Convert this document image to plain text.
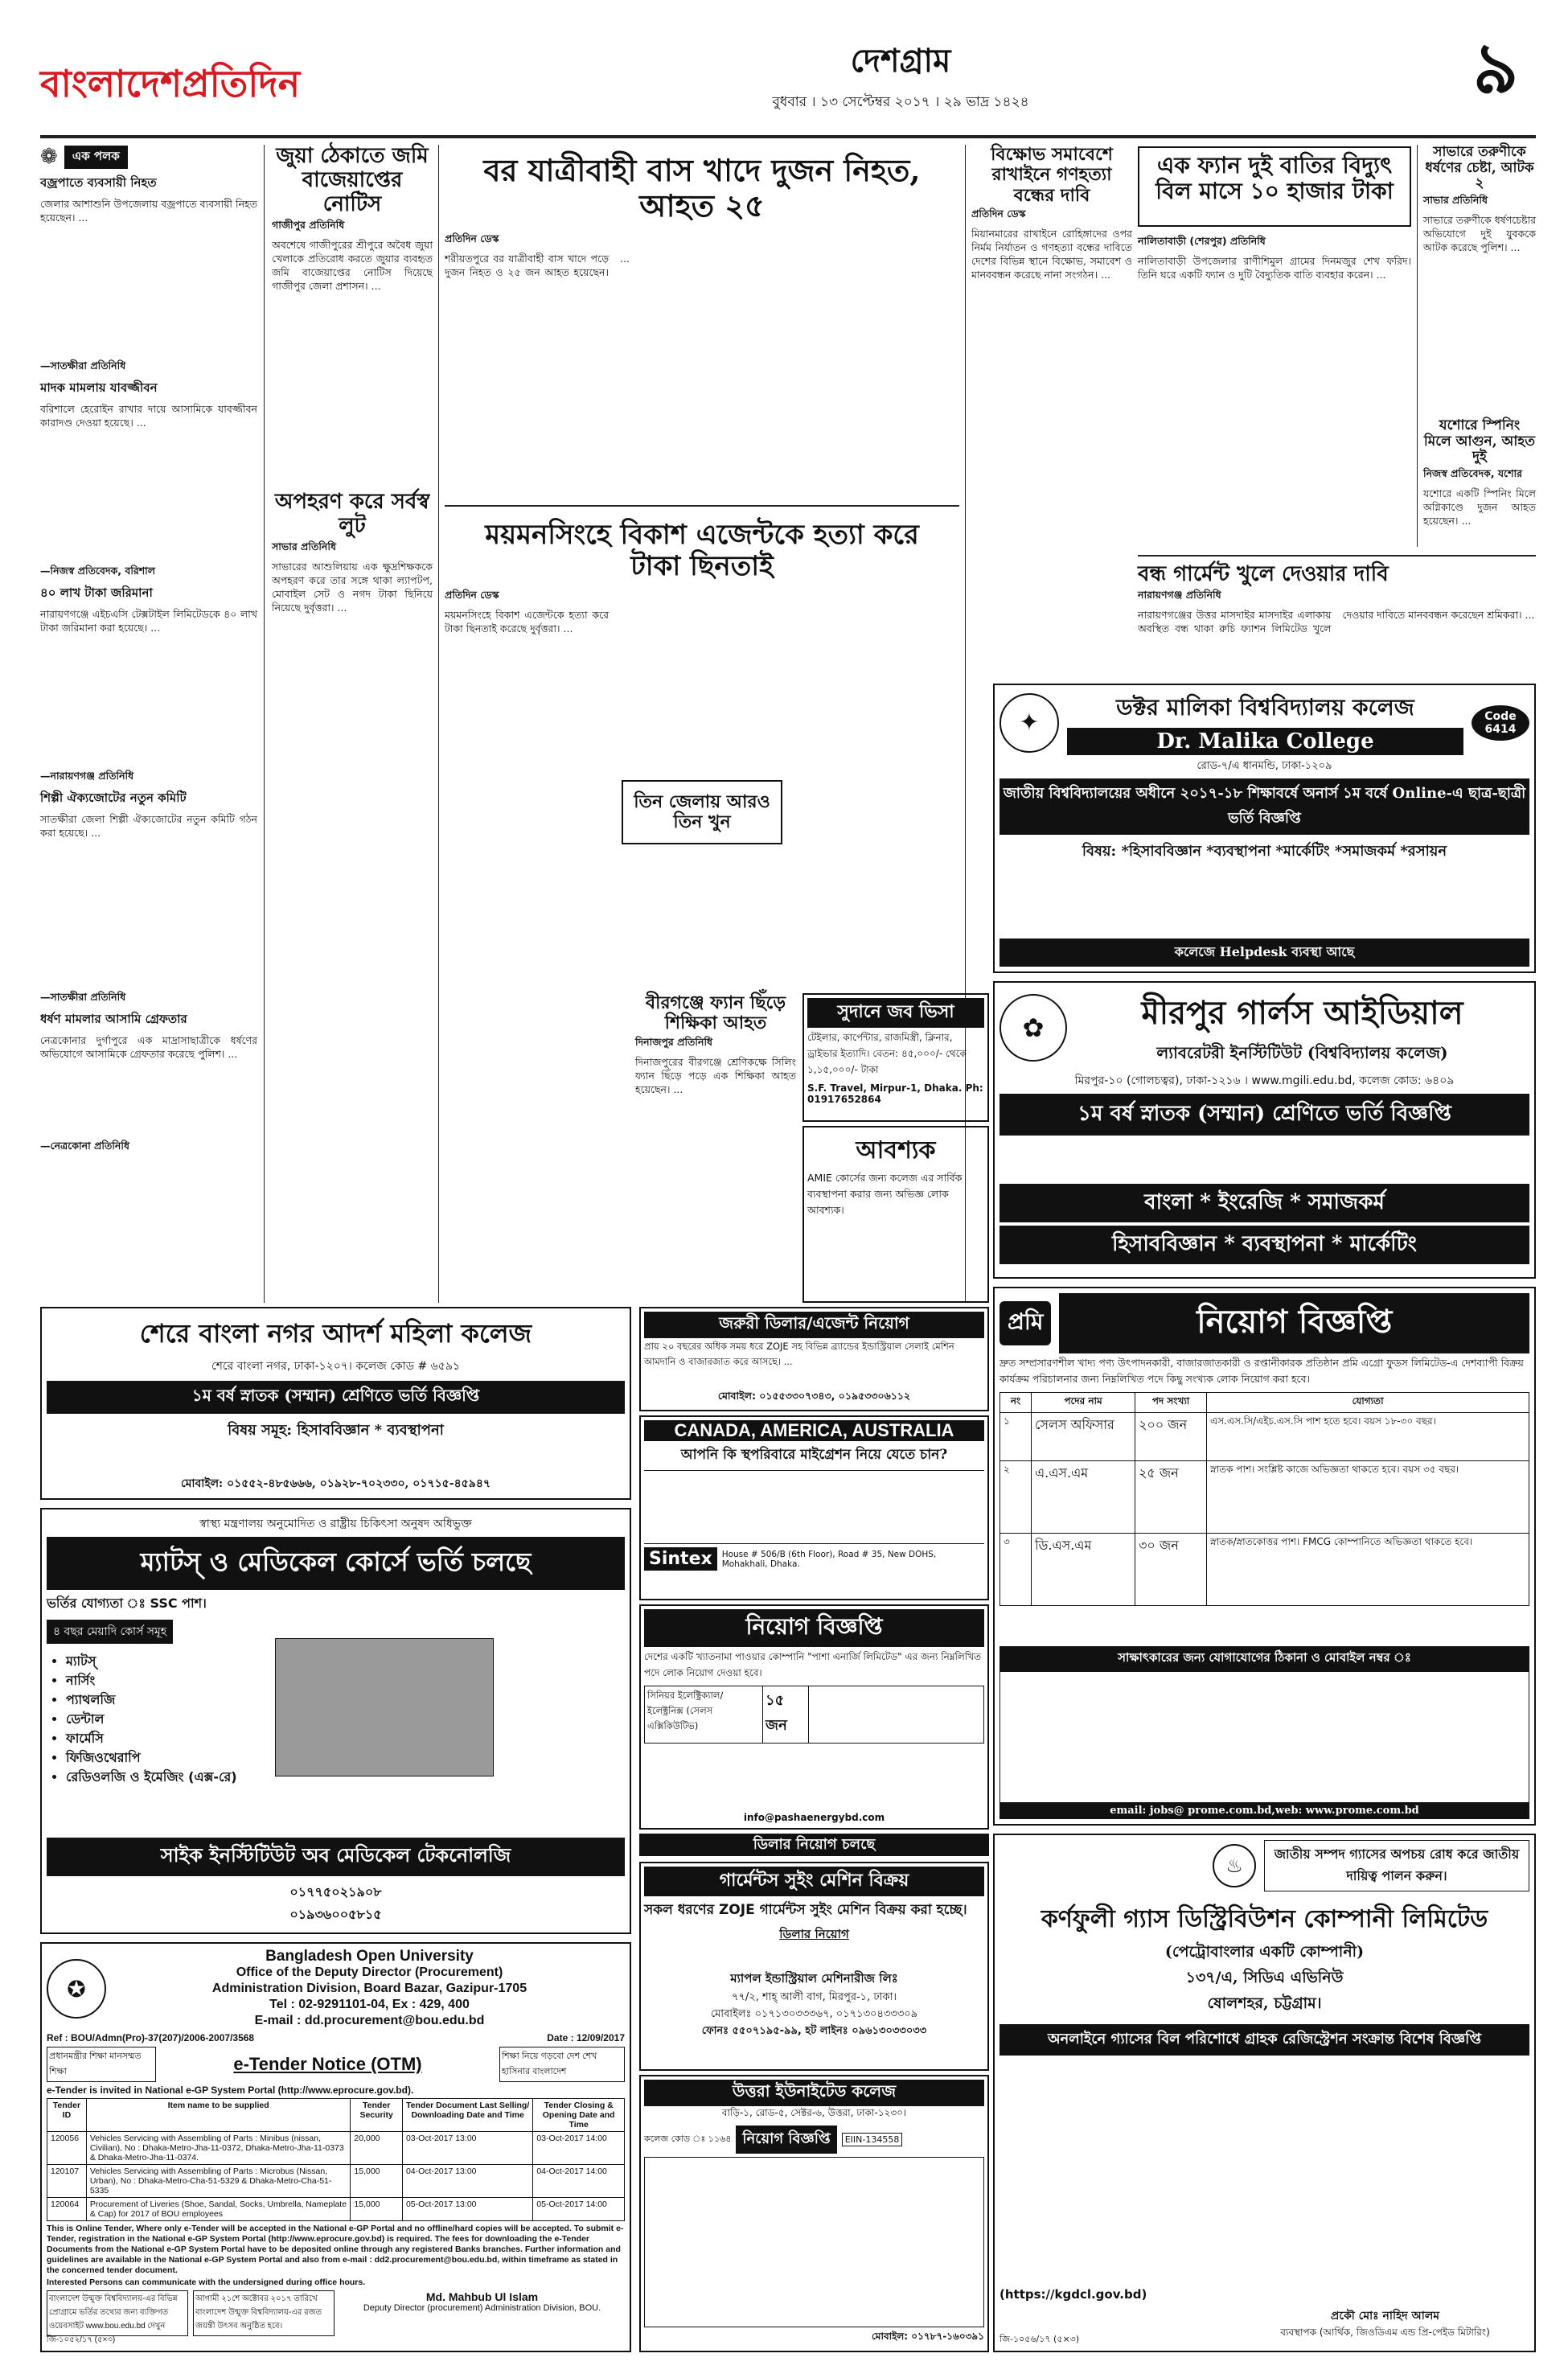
বাংলাদেশপ্রতিদিন
দেশগ্রাম
বুধবার । ১৩ সেপ্টেম্বর ২০১৭ । ২৯ ভাদ্র ১৪২৪	৯
❁	এক পলক
বজ্রপাতে ব্যবসায়ী নিহত
জেলার আশাশুনি উপজেলায় বজ্রপাতে ব্যবসায়ী নিহত হয়েছেন। ...
—সাতক্ষীরা প্রতিনিধি
মাদক মামলায় যাবজ্জীবন
বরিশালে হেরোইন রাখার দায়ে আসামিকে যাবজ্জীবন কারাদণ্ড দেওয়া হয়েছে। ...
—নিজস্ব প্রতিবেদক, বরিশাল
৪০ লাখ টাকা জরিমানা
নারায়ণগঞ্জে এইচএসি টেক্সটাইল লিমিটেডকে ৪০ লাখ টাকা জরিমানা করা হয়েছে। ...
—নারায়ণগঞ্জ প্রতিনিধি
শিল্পী ঐক্যজোটের নতুন কমিটি
সাতক্ষীরা জেলা শিল্পী ঐক্যজোটের নতুন কমিটি গঠন করা হয়েছে। ...
—সাতক্ষীরা প্রতিনিধি
ধর্ষণ মামলার আসামি গ্রেফতার
নেত্রকোনার দুর্গাপুরে এক মাদ্রাসাছাত্রীকে ধর্ষণের অভিযোগে আসামিকে গ্রেফতার করেছে পুলিশ। ...
—নেত্রকোনা প্রতিনিধি
জুয়া ঠেকাতে জমি বাজেয়াপ্তের নোটিস
গাজীপুর প্রতিনিধি
অবশেষে গাজীপুরের শ্রীপুরে অবৈধ জুয়া খেলাকে প্রতিরোধ করতে জুয়ার ব্যবহৃত জমি বাজেয়াপ্তের নোটিস দিয়েছে গাজীপুর জেলা প্রশাসন। ...
অপহরণ করে সর্বস্ব লুট
সাভার প্রতিনিধি
সাভারের আশুলিয়ায় এক ক্ষুদ্রশিক্ষককে অপহরণ করে তার সঙ্গে থাকা ল্যাপটপ, মোবাইল সেট ও নগদ টাকা ছিনিয়ে নিয়েছে দুর্বৃত্তরা। ...
বর যাত্রীবাহী বাস খাদে দুজন নিহত, আহত ২৫
প্রতিদিন ডেস্ক
শরীয়তপুরে বর যাত্রীবাহী বাস খাদে পড়ে দুজন নিহত ও ২৫ জন আহত হয়েছেন। ...
ময়মনসিংহে বিকাশ এজেন্টকে হত্যা করে টাকা ছিনতাই
প্রতিদিন ডেস্ক
ময়মনসিংহে বিকাশ এজেন্টকে হত্যা করে টাকা ছিনতাই করেছে দুর্বৃত্তরা। ...
তিন জেলায় আরও তিন খুন
বিক্ষোভ সমাবেশে রাখাইনে গণহত্যা বন্ধের দাবি
প্রতিদিন ডেস্ক
মিয়ানমারের রাখাইনে রোহিঙ্গাদের ওপর নির্মম নির্যাতন ও গণহত্যা বন্ধের দাবিতে দেশের বিভিন্ন স্থানে বিক্ষোভ, সমাবেশ ও মানববন্ধন করেছে নানা সংগঠন। ...
এক ফ্যান দুই বাতির বিদ্যুৎ বিল মাসে ১০ হাজার টাকা
নালিতাবাড়ী (শেরপুর) প্রতিনিধি
নালিতাবাড়ী উপজেলার রাণীশিমুল গ্রামের দিনমজুর শেখ ফরিদ। তিনি ঘরে একটি ফ্যান ও দুটি বৈদ্যুতিক বাতি ব্যবহার করেন। ...
সাভারে তরুণীকে ধর্ষণের চেষ্টা, আটক ২
সাভার প্রতিনিধি
সাভারে তরুণীকে ধর্ষণচেষ্টার অভিযোগে দুই যুবককে আটক করেছে পুলিশ। ...
যশোরে স্পিনিং মিলে আগুন, আহত দুই
নিজস্ব প্রতিবেদক, যশোর
যশোরে একটি স্পিনিং মিলে অগ্নিকাণ্ডে দুজন আহত হয়েছেন। ...
বন্ধ গার্মেন্ট খুলে দেওয়ার দাবি
নারায়ণগঞ্জ প্রতিনিধি
নারায়ণগঞ্জের উত্তর মাসদাইর মাসদাইর এলাকায় অবস্থিত বন্ধ থাকা রুচি ফ্যাশন লিমিটেড খুলে দেওয়ার দাবিতে মানববন্ধন করেছেন শ্রমিকরা। ...
✦
ডক্টর মালিকা বিশ্ববিদ্যালয় কলেজ
Dr. Malika College
Code 6414
রোড-৭/এ ধানমন্ডি, ঢাকা-১২০৯
জাতীয় বিশ্ববিদ্যালয়ের অধীনে ২০১৭-১৮ শিক্ষাবর্ষে অনার্স ১ম বর্ষে Online-এ ছাত্র-ছাত্রী ভর্তি বিজ্ঞপ্তি
বিষয়: *হিসাববিজ্ঞান *ব্যবস্থাপনা *মার্কেটিং *সমাজকর্ম *রসায়ন
কলেজে Helpdesk ব্যবস্থা আছে
বীরগঞ্জে ফ্যান ছিঁড়ে শিক্ষিকা আহত
দিনাজপুর প্রতিনিধি
দিনাজপুরের বীরগঞ্জে শ্রেণিকক্ষে সিলিং ফ্যান ছিঁড়ে পড়ে এক শিক্ষিকা আহত হয়েছেন। ...
সুদানে জব ভিসা
টেইলার, কার্পেন্টার, রাজমিস্ত্রী, ক্লিনার, ড্রাইভার ইত্যাদি। বেতন: ৪৫,০০০/- থেকে ১,১৫,০০০/- টাকা
S.F. Travel, Mirpur-1, Dhaka. Ph: 01917652864
আবশ্যক
AMIE কোর্সের জন্য কলেজ এর সার্বিক ব্যবস্থাপনা করার জন্য অভিজ্ঞ লোক আবশ্যক।
শেরে বাংলা নগর আদর্শ মহিলা কলেজ
শেরে বাংলা নগর, ঢাকা-১২০৭। কলেজ কোড # ৬৫৯১
১ম বর্ষ স্নাতক (সম্মান) শ্রেণিতে ভর্তি বিজ্ঞপ্তি
বিষয় সমূহ: হিসাববিজ্ঞান * ব্যবস্থাপনা
মোবাইল: ০১৫৫২-৪৮৫৬৬৬, ০১৯২৮-৭০২৩৩০, ০১৭১৫-৪৫৯৪৭
স্বাস্থ্য মন্ত্রণালয় অনুমোদিত ও রাষ্ট্রীয় চিকিৎসা অনুষদ অধিভুক্ত
ম্যাটস্ ও মেডিকেল কোর্সে ভর্তি চলছে
ভর্তির যোগ্যতা ঃ SSC পাশ।
৪ বছর মেয়াদি কোর্স সমূহ
• ম্যাটস্
• নার্সিং
• প্যাথলজি
• ডেন্টাল
• ফার্মেসি
• ফিজিওথেরাপি
• রেডিওলজি ও ইমেজিং (এক্স-রে)
সাইক ইনস্টিটিউট অব মেডিকেল টেকনোলজি
০১৭৭৫০২১৯০৮
০১৯৩৬০০৫৮১৫
✪
Bangladesh Open University
Office of the Deputy Director (Procurement)
Administration Division, Board Bazar, Gazipur-1705
Tel : 02-9291101-04, Ex : 429, 400
E-mail : dd.procurement@bou.edu.bd
Ref : BOU/Admn(Pro)-37(207)/2006-2007/3568	Date : 12/09/2017
প্রধানমন্ত্রীর শিক্ষা মানসম্মত শিক্ষা	e-Tender Notice (OTM)	শিক্ষা নিয়ে গড়বো দেশ শেখ হাসিনার বাংলাদেশ
e-Tender is invited in National e-GP System Portal (http://www.eprocure.gov.bd).
Tender ID	Item name to be supplied	Tender Security	Tender Document Last Selling/ Downloading Date and Time	Tender Closing & Opening Date and Time
120056	Vehicles Servicing with Assembling of Parts : Minibus (nissan, Civilian), No : Dhaka-Metro-Jha-11-0372, Dhaka-Metro-Jha-11-0373 & Dhaka-Metro-Jha-11-0374.	20,000	03-Oct-2017 13:00	03-Oct-2017 14:00
120107	Vehicles Servicing with Assembling of Parts : Microbus (Nissan, Urban), No : Dhaka-Metro-Cha-51-5329 & Dhaka-Metro-Cha-51-5335	15,000	04-Oct-2017 13:00	04-Oct-2017 14:00
120064	Procurement of Liveries (Shoe, Sandal, Socks, Umbrella, Nameplate & Cap) for 2017 of BOU employees	15,000	05-Oct-2017 13:00	05-Oct-2017 14:00
This is Online Tender, Where only e-Tender will be accepted in the National e-GP Portal and no offline/hard copies will be accepted. To submit e-Tender, registration in the National e-GP System Portal (http://www.eprocure.gov.bd) is required. The fees for downloading the e-Tender Documents from the National e-GP System Portal have to be deposited online through any registered Banks branches. Further information and guidelines are available in the National e-GP System Portal and also from e-mail : dd2.procurement@bou.edu.bd, within timeframe as stated in the concerned tender document.
Interested Persons can communicate with the undersigned during office hours.
বাংলাদেশ উন্মুক্ত বিশ্ববিদ্যালয়-এর বিভিন্ন প্রোগ্রামে ভর্তির তথ্যের জন্য ব্যক্তিগত ওয়েবসাইট www.bou.edu.bd দেখুন
আগামী ২১শে অক্টোবর ২০১৭ তারিখে বাংলাদেশ উন্মুক্ত বিশ্ববিদ্যালয়-এর রজত জয়ন্তী উৎসব অনুষ্ঠিত হবে।
Md. Mahbub Ul Islam
Deputy Director (procurement) Administration Division, BOU.
জি-১০৫২/১৭ (৫×৩)
জরুরী ডিলার/এজেন্ট নিয়োগ
প্রায় ২০ বছরের অধিক সময় ধরে ZOJE সহ বিভিন্ন ব্র্যান্ডের ইন্ডাস্ট্রিয়াল সেলাই মেশিন আমদানি ও বাজারজাত করে আসছে। ...
মোবাইল: ০১৫৫৩৩০৭৩৪৩, ০১৯৫৩৩০৬১১২
CANADA, AMERICA, AUSTRALIA
আপনি কি স্থপরিবারে মাইগ্রেশন নিয়ে যেতে চান?
Sintex	House # 506/B (6th Floor), Road # 35, New DOHS, Mohakhali, Dhaka.
নিয়োগ বিজ্ঞপ্তি
দেশের একটি খ্যাতনামা পাওয়ার কোম্পানি "পাশা এনার্জি লিমিটেড" এর জন্য নিম্নলিখিত পদে লোক নিয়োগ দেওয়া হবে।
সিনিয়র ইলেক্ট্রিক্যাল/ ইলেক্ট্রনিক্স (সেলস এক্সিকিউটিভ)
১৫ জন
info@pashaenergybd.com
ডিলার নিয়োগ চলছে
গার্মেন্টস সুইং মেশিন বিক্রয়
সকল ধরণের ZOJE গার্মেন্টস সুইং মেশিন বিক্রয় করা হচ্ছে।
ডিলার নিয়োগ
ম্যাপল ইন্ডাস্ট্রিয়াল মেশিনারীজ লিঃ
৭৭/২, শাহ্ আলী বাগ, মিরপুর-১, ঢাকা।
মোবাইলঃ ০১৭১৩০৩৩৩৬৭, ০১৭১৩০৪৩৩৩০৯
ফোনঃ ৫৫০৭১৯৫-৯৯, হট লাইনঃ ০৯৬১৩০৩৩০৩৩
উত্তরা ইউনাইটেড কলেজ
বাড়ি-১, রোড-৫, সেক্টর-৬, উত্তরা, ঢাকা-১২৩০।
কলেজ কোড ঃ ১১৬৪ নিয়োগ বিজ্ঞপ্তি	EIIN-134558
মোবাইল: ০১৭৮৭-১৬০৩৯১
✿	মীরপুর গার্লস আইডিয়াল
ল্যাবরেটরী ইনস্টিটিউট (বিশ্ববিদ্যালয় কলেজ)
মিরপুর-১০ (গোলচত্বর), ঢাকা-১২১৬ । www.mgili.edu.bd, কলেজ কোড: ৬৪০৯
১ম বর্ষ স্নাতক (সম্মান) শ্রেণিতে ভর্তি বিজ্ঞপ্তি
বাংলা * ইংরেজি * সমাজকর্ম
হিসাববিজ্ঞান * ব্যবস্থাপনা * মার্কেটিং
প্রমি	নিয়োগ বিজ্ঞপ্তি
দ্রুত সম্প্রসারণশীল খাদ্য পণ্য উৎপাদনকারী, বাজারজাতকারী ও রপ্তানীকারক প্রতিষ্ঠান প্রমি এগ্রো ফুডস লিমিটেড-এ দেশব্যাপী বিক্রয় কার্যক্রম পরিচালনার জন্য নিম্নলিখিত পদে কিছু সংখ্যক লোক নিয়োগ করা হবে।
নং	পদের নাম	পদ সংখ্যা	যোগ্যতা
১	সেলস অফিসার	২০০ জন	এস.এস.সি/এইচ.এস.সি পাশ হতে হবে। বয়স ১৮-৩০ বছর।
২	এ.এস.এম	২৫ জন	স্নাতক পাশ। সংশ্লিষ্ট কাজে অভিজ্ঞতা থাকতে হবে। বয়স ৩৫ বছর।
৩	ডি.এস.এম	৩০ জন	স্নাতক/স্নাতকোত্তর পাশ। FMCG কোম্পানিতে অভিজ্ঞতা থাকতে হবে।
সাক্ষাৎকারের জন্য যোগাযোগের ঠিকানা ও মোবাইল নম্বর ঃ
email: jobs@ prome.com.bd,web: www.prome.com.bd
♨
জাতীয় সম্পদ গ্যাসের অপচয় রোধ করে জাতীয় দায়িত্ব পালন করুন।
কর্ণফুলী গ্যাস ডিস্ট্রিবিউশন কোম্পানী লিমিটেড
(পেট্রোবাংলার একটি কোম্পানী)
১৩৭/এ, সিডিএ এভিনিউ
ষোলশহর, চট্টগ্রাম।
অনলাইনে গ্যাসের বিল পরিশোধে গ্রাহক রেজিস্ট্রেশন সংক্রান্ত বিশেষ বিজ্ঞপ্তি
(https://kgdcl.gov.bd)
প্রকৌ মোঃ নাহিদ আলম
ব্যবস্থাপক (আর্থিক, জিওডিএম এন্ড প্রি-পেইড মিটারিং)
জি-১০৫৬/১৭ (৫×৩)
